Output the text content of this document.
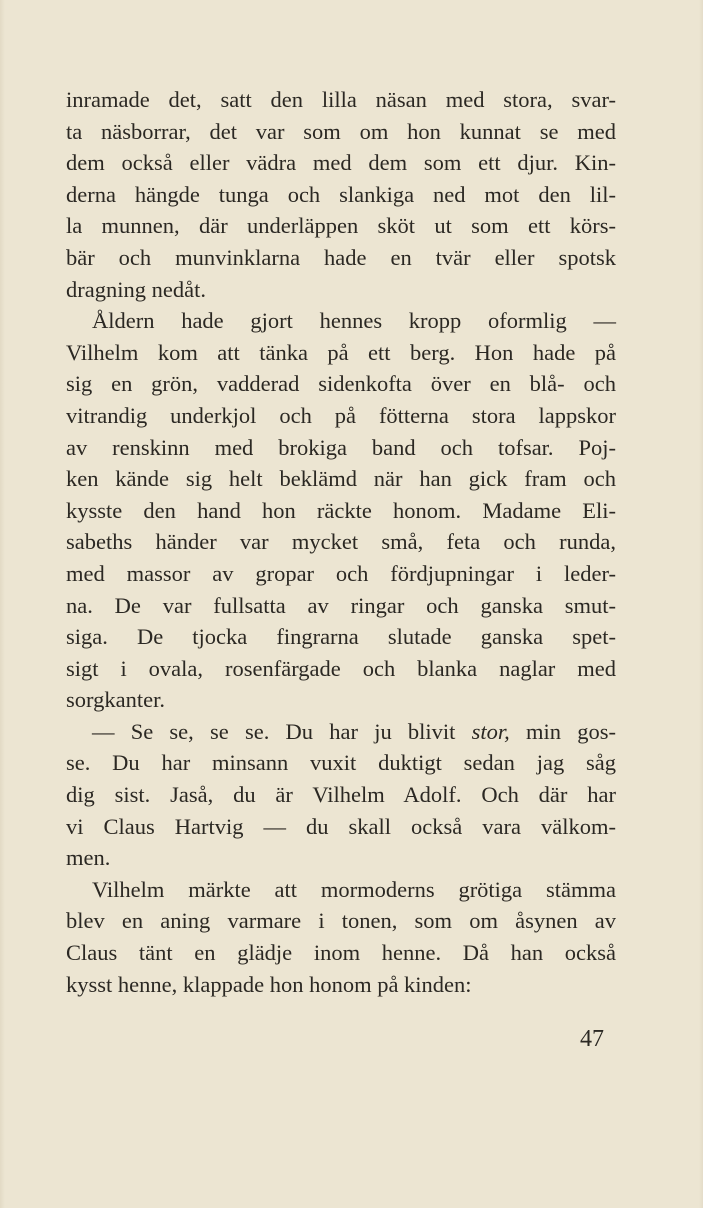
inramade det, satt den lilla näsan med stora, svar-
ta näsborrar, det var som om hon kunnat se med
dem också eller vädra med dem som ett djur. Kin-
derna hängde tunga och slankiga ned mot den lil-
la munnen, där underläppen sköt ut som ett körs-
bär och munvinklarna hade en tvär eller spotsk
dragning nedåt.
Åldern hade gjort hennes kropp oformlig —
Vilhelm kom att tänka på ett berg. Hon hade på
sig en grön, vadderad sidenkofta över en blå- och
vitrandig underkjol och på fötterna stora lappskor
av renskinn med brokiga band och tofsar. Poj-
ken kände sig helt beklämd när han gick fram och
kysste den hand hon räckte honom. Madame Eli-
sabeths händer var mycket små, feta och runda,
med massor av gropar och fördjupningar i leder-
na. De var fullsatta av ringar och ganska smut-
siga. De tjocka fingrarna slutade ganska spet-
sigt i ovala, rosenfärgade och blanka naglar med
sorgkanter.
— Se se, se se. Du har ju blivit stor, min gos-
se. Du har minsann vuxit duktigt sedan jag såg
dig sist. Jaså, du är Vilhelm Adolf. Och där har
vi Claus Hartvig — du skall också vara välkom-
men.
Vilhelm märkte att mormoderns grötiga stämma
blev en aning varmare i tonen, som om åsynen av
Claus tänt en glädje inom henne. Då han också
kysst henne, klappade hon honom på kinden:
47
